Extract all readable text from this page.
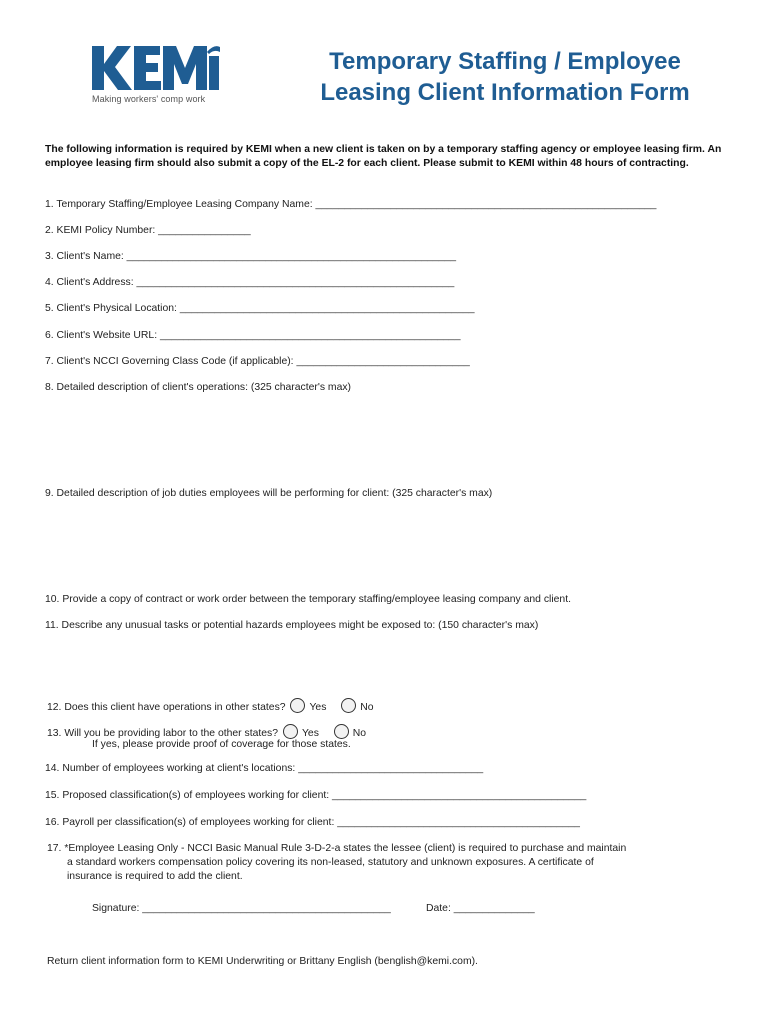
Making workers' comp work
Temporary Staffing / Employee
Leasing Client Information Form
The following information is required by KEMI when a new client is taken on by a temporary staffing agency or employee leasing firm. An employee leasing firm should also submit a copy of the EL-2 for each client. Please submit to KEMI within 48 hours of contracting.
1. Temporary Staffing/Employee Leasing Company Name: ___________________________________________________________
2. KEMI Policy Number: ________________
3. Client's Name: _________________________________________________________
4. Client's Address: _______________________________________________________
5. Client's Physical Location: ___________________________________________________
6. Client's Website URL: ____________________________________________________
7. Client's NCCI Governing Class Code (if applicable): ______________________________
8. Detailed description of client's operations: (325 character's max)
9. Detailed description of job duties employees will be performing for client: (325 character's max)
10. Provide a copy of contract or work order between the temporary staffing/employee leasing company and client.
11. Describe any unusual tasks or potential hazards employees might be exposed to: (150 character's max)
12. Does this client have operations in other states? Yes	No
13. Will you be providing labor to the other states? Yes	No
If yes, please provide proof of coverage for those states.
14. Number of employees working at client's locations: ________________________________
15. Proposed classification(s) of employees working for client: ____________________________________________
16. Payroll per classification(s) of employees working for client: __________________________________________
17. *Employee Leasing Only - NCCI Basic Manual Rule 3-D-2-a states the lessee (client) is required to purchase and maintain a standard workers compensation policy covering its non-leased, statutory and unknown exposures. A certificate of insurance is required to add the client.
Signature: ___________________________________________	Date: ______________
Return client information form to KEMI Underwriting or Brittany English (benglish@kemi.com).
